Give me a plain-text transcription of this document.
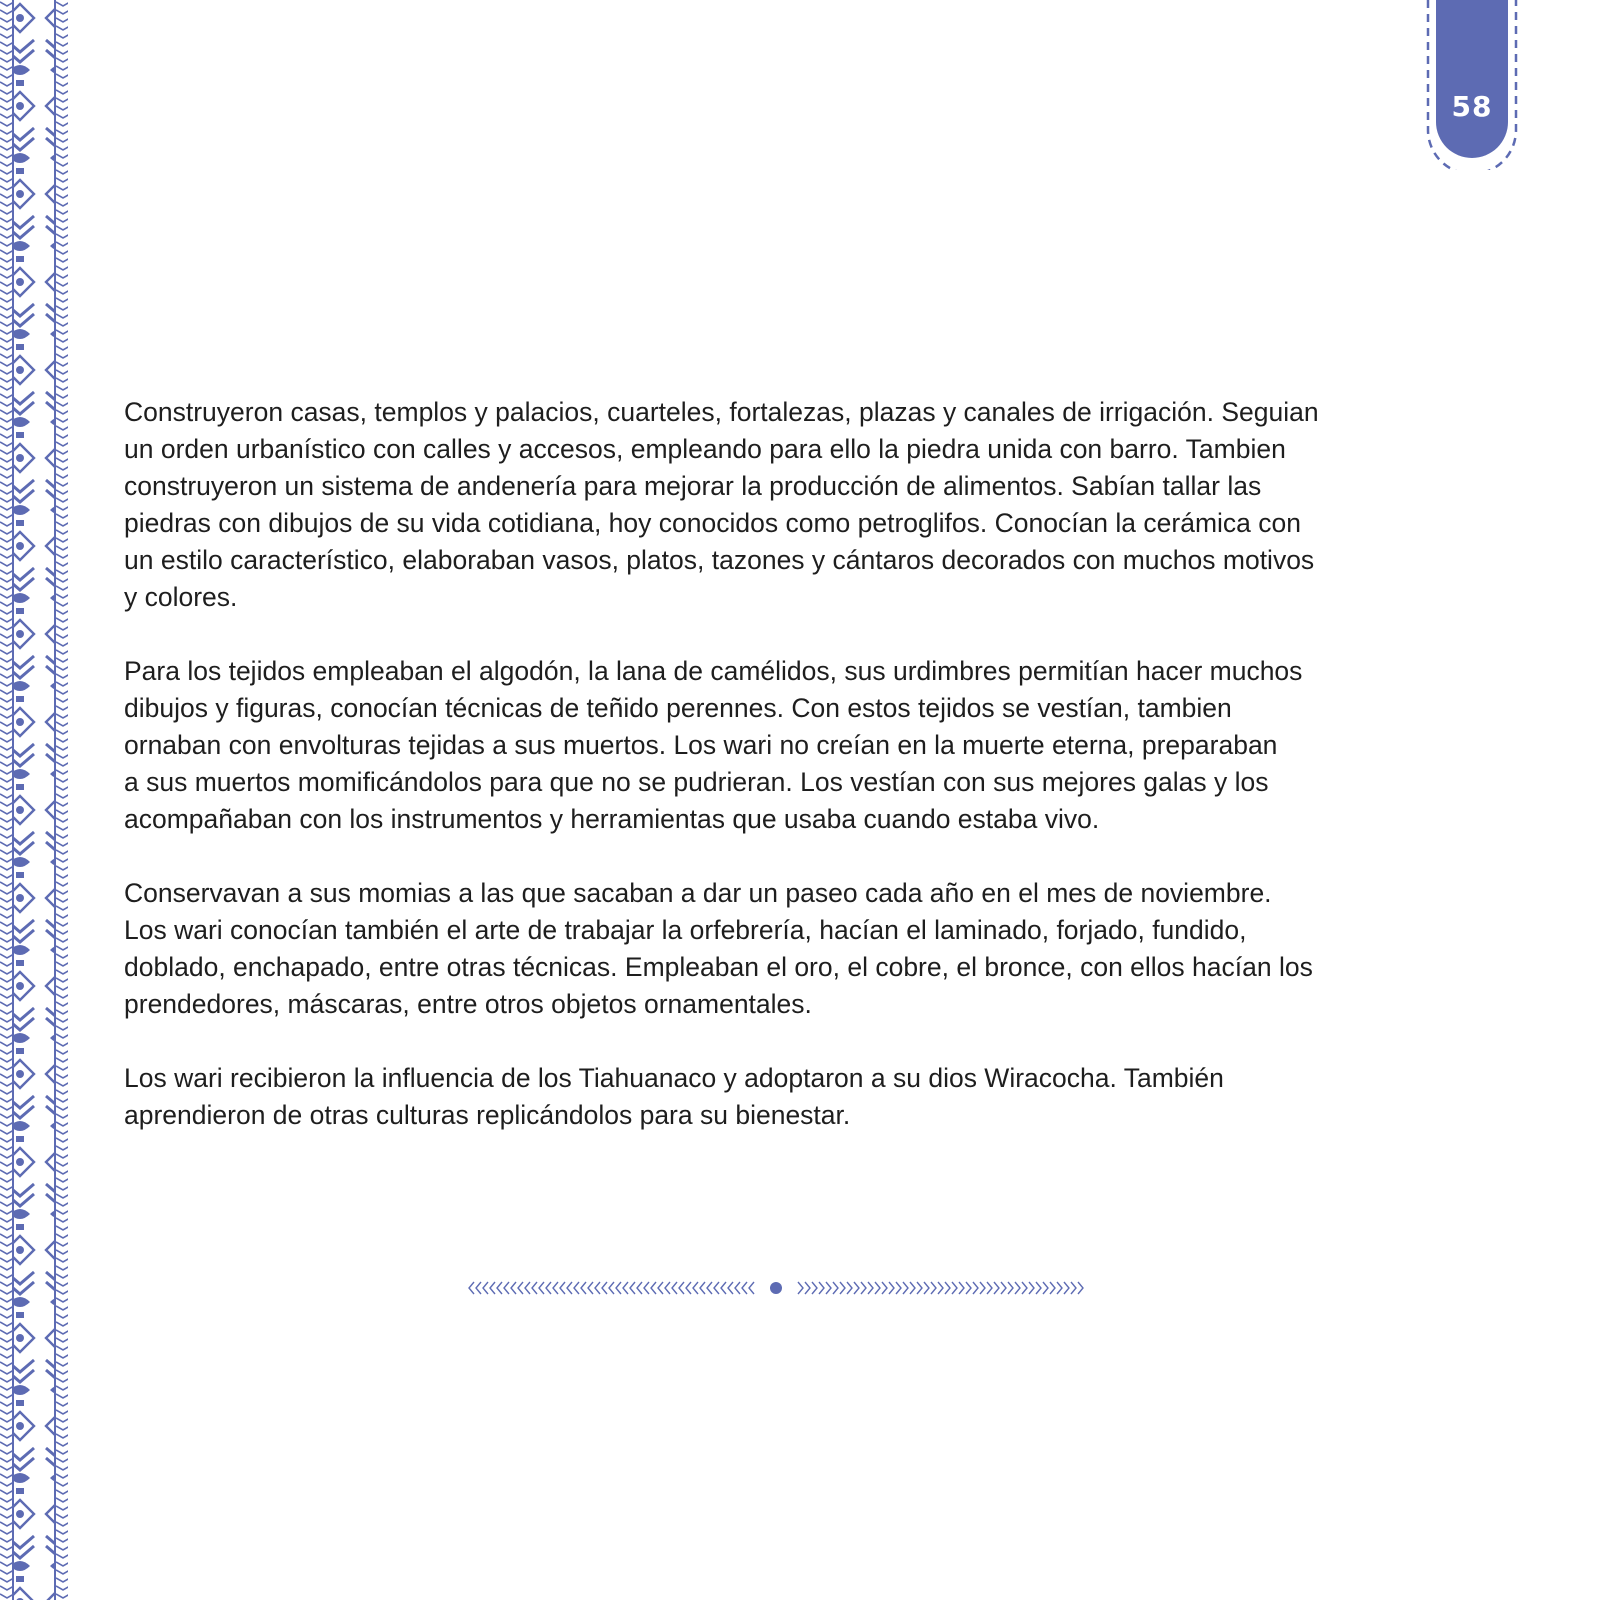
58

Construyeron casas, templos y palacios, cuarteles, fortalezas, plazas y canales de irrigación. Seguian
un orden urbanístico con calles y accesos, empleando para ello la piedra unida con barro. Tambien
construyeron un sistema de andenería para mejorar la producción de alimentos. Sabían tallar las
piedras con dibujos de su vida cotidiana, hoy conocidos como petroglifos. Conocían la cerámica con
un estilo característico, elaboraban vasos, platos, tazones y cántaros decorados con muchos motivos
y colores.

Para los tejidos empleaban el algodón, la lana de camélidos, sus urdimbres permitían hacer muchos
dibujos y figuras, conocían técnicas de teñido perennes. Con estos tejidos se vestían, tambien
ornaban con envolturas tejidas a sus muertos. Los wari no creían en la muerte eterna, preparaban
a sus muertos momificándolos para que no se pudrieran. Los vestían con sus mejores galas y los
acompañaban con los instrumentos y herramientas que usaba cuando estaba vivo.

Conservavan a sus momias a las que sacaban a dar un paseo cada año en el mes de noviembre.
Los wari conocían también el arte de trabajar la orfebrería, hacían el laminado, forjado, fundido,
doblado, enchapado, entre otras técnicas. Empleaban el oro, el cobre, el bronce, con ellos hacían los
prendedores, máscaras, entre otros objetos ornamentales.

Los wari recibieron la influencia de los Tiahuanaco y adoptaron a su dios Wiracocha. También
aprendieron de otras culturas replicándolos para su bienestar.
